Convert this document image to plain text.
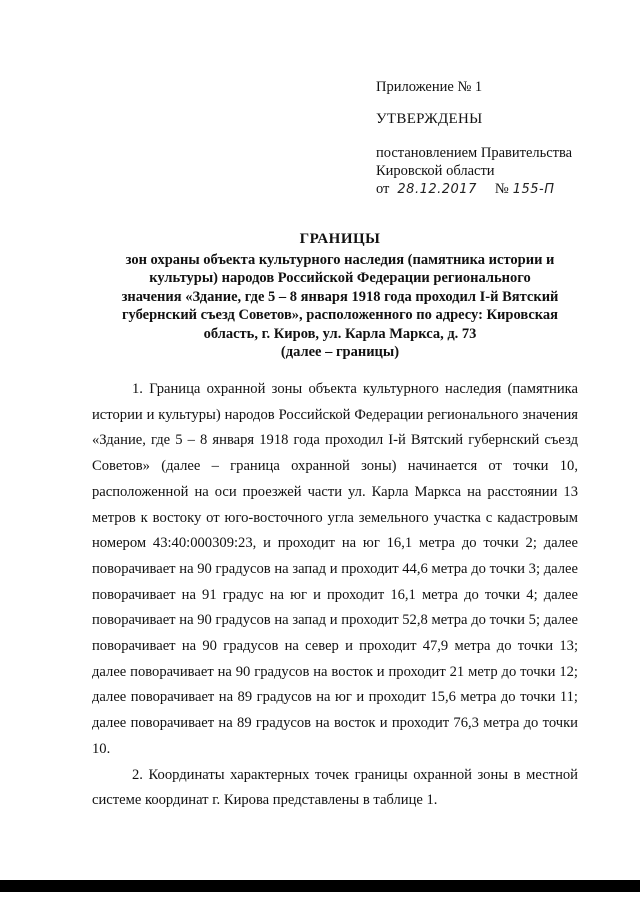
Приложение № 1
УТВЕРЖДЕНЫ
постановлением Правительства
Кировской области
от 28.12.2017 № 155-П
ГРАНИЦЫ
зон охраны объекта культурного наследия (памятника истории и
культуры) народов Российской Федерации регионального
значения «Здание, где 5 – 8 января 1918 года проходил I-й Вятский
губернский съезд Советов», расположенного по адресу: Кировская
область, г. Киров, ул. Карла Маркса, д. 73
(далее – границы)

1. Граница охранной зоны объекта культурного наследия (памятника истории и культуры) народов Российской Федерации регионального значения «Здание, где 5 – 8 января 1918 года проходил I-й Вятский губернский съезд Советов» (далее – граница охранной зоны) начинается от точки 10, расположенной на оси проезжей части ул. Карла Маркса на расстоянии 13 метров к востоку от юго-восточного угла земельного участка с кадастровым номером 43:40:000309:23, и проходит на юг 16,1 метра до точки 2; далее поворачивает на 90 градусов на запад и проходит 44,6 метра до точки 3; далее поворачивает на 91 градус на юг и проходит 16,1 метра до точки 4; далее поворачивает на 90 градусов на запад и проходит 52,8 метра до точки 5; далее поворачивает на 90 градусов на север и проходит 47,9 метра до точки 13; далее поворачивает на 90 градусов на восток и проходит 21 метр до точки 12; далее поворачивает на 89 градусов на юг и проходит 15,6 метра до точки 11; далее поворачивает на 89 градусов на восток и проходит 76,3 метра до точки 10.

2. Координаты характерных точек границы охранной зоны в местной системе координат г. Кирова представлены в таблице 1.
